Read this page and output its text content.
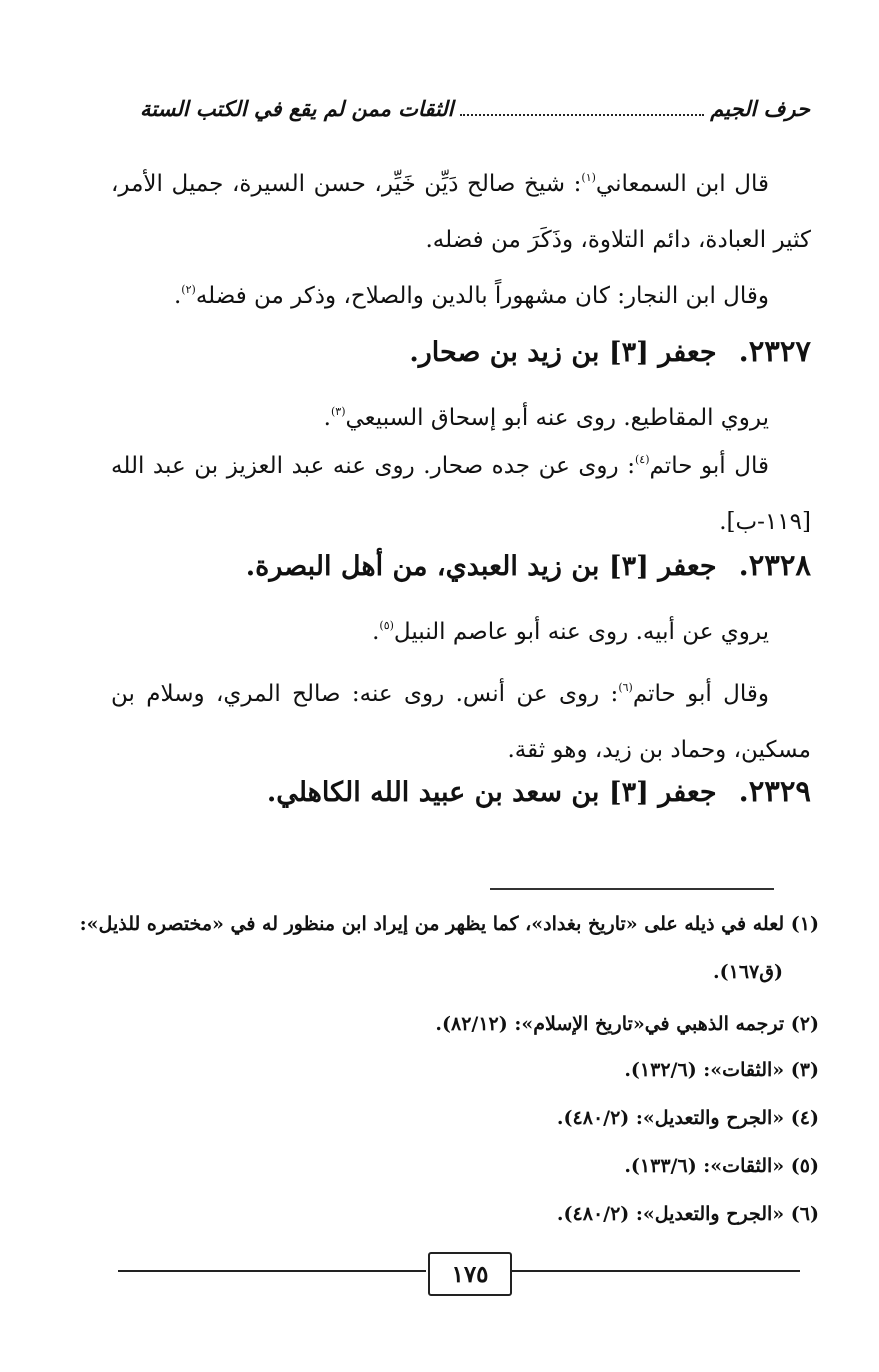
حرف الجيم
الثقات ممن لم يقع في الكتب الستة
قال ابن السمعاني$^{(١)}$: شيخ صالح دَيِّن خَيِّر، حسن السيرة، جميل الأمر، كثير العبادة، دائم التلاوة، وذَكَرَ من فضله.
وقال ابن النجار: كان مشهوراً بالدين والصلاح، وذكر من فضله$^{(٢)}$.
٢٣٢٧.جعفر [٣] بن زيد بن صحار.
يروي المقاطيع. روى عنه أبو إسحاق السبيعي$^{(٣)}$.
قال أبو حاتم$^{(٤)}$: روى عن جده صحار. روى عنه عبد العزيز بن عبد الله [١١٩-ب].
٢٣٢٨.جعفر [٣] بن زيد العبدي، من أهل البصرة.
يروي عن أبيه. روى عنه أبو عاصم النبيل$^{(٥)}$.
وقال أبو حاتم$^{(٦)}$: روى عن أنس. روى عنه: صالح المري، وسلام بن مسكين، وحماد بن زيد، وهو ثقة.
٢٣٢٩.جعفر [٣] بن سعد بن عبيد الله الكاهلي.
(١) لعله في ذيله على «تاريخ بغداد»، كما يظهر من إيراد ابن منظور له في «مختصره للذيل»:
(ق١٦٧).
(٢) ترجمه الذهبي في«تاريخ الإسلام»: (٨٢/١٢).
(٣) «الثقات»: (١٣٢/٦).
(٤) «الجرح والتعديل»: (٤٨٠/٢).
(٥) «الثقات»: (١٣٣/٦).
(٦) «الجرح والتعديل»: (٤٨٠/٢).
١٧٥
